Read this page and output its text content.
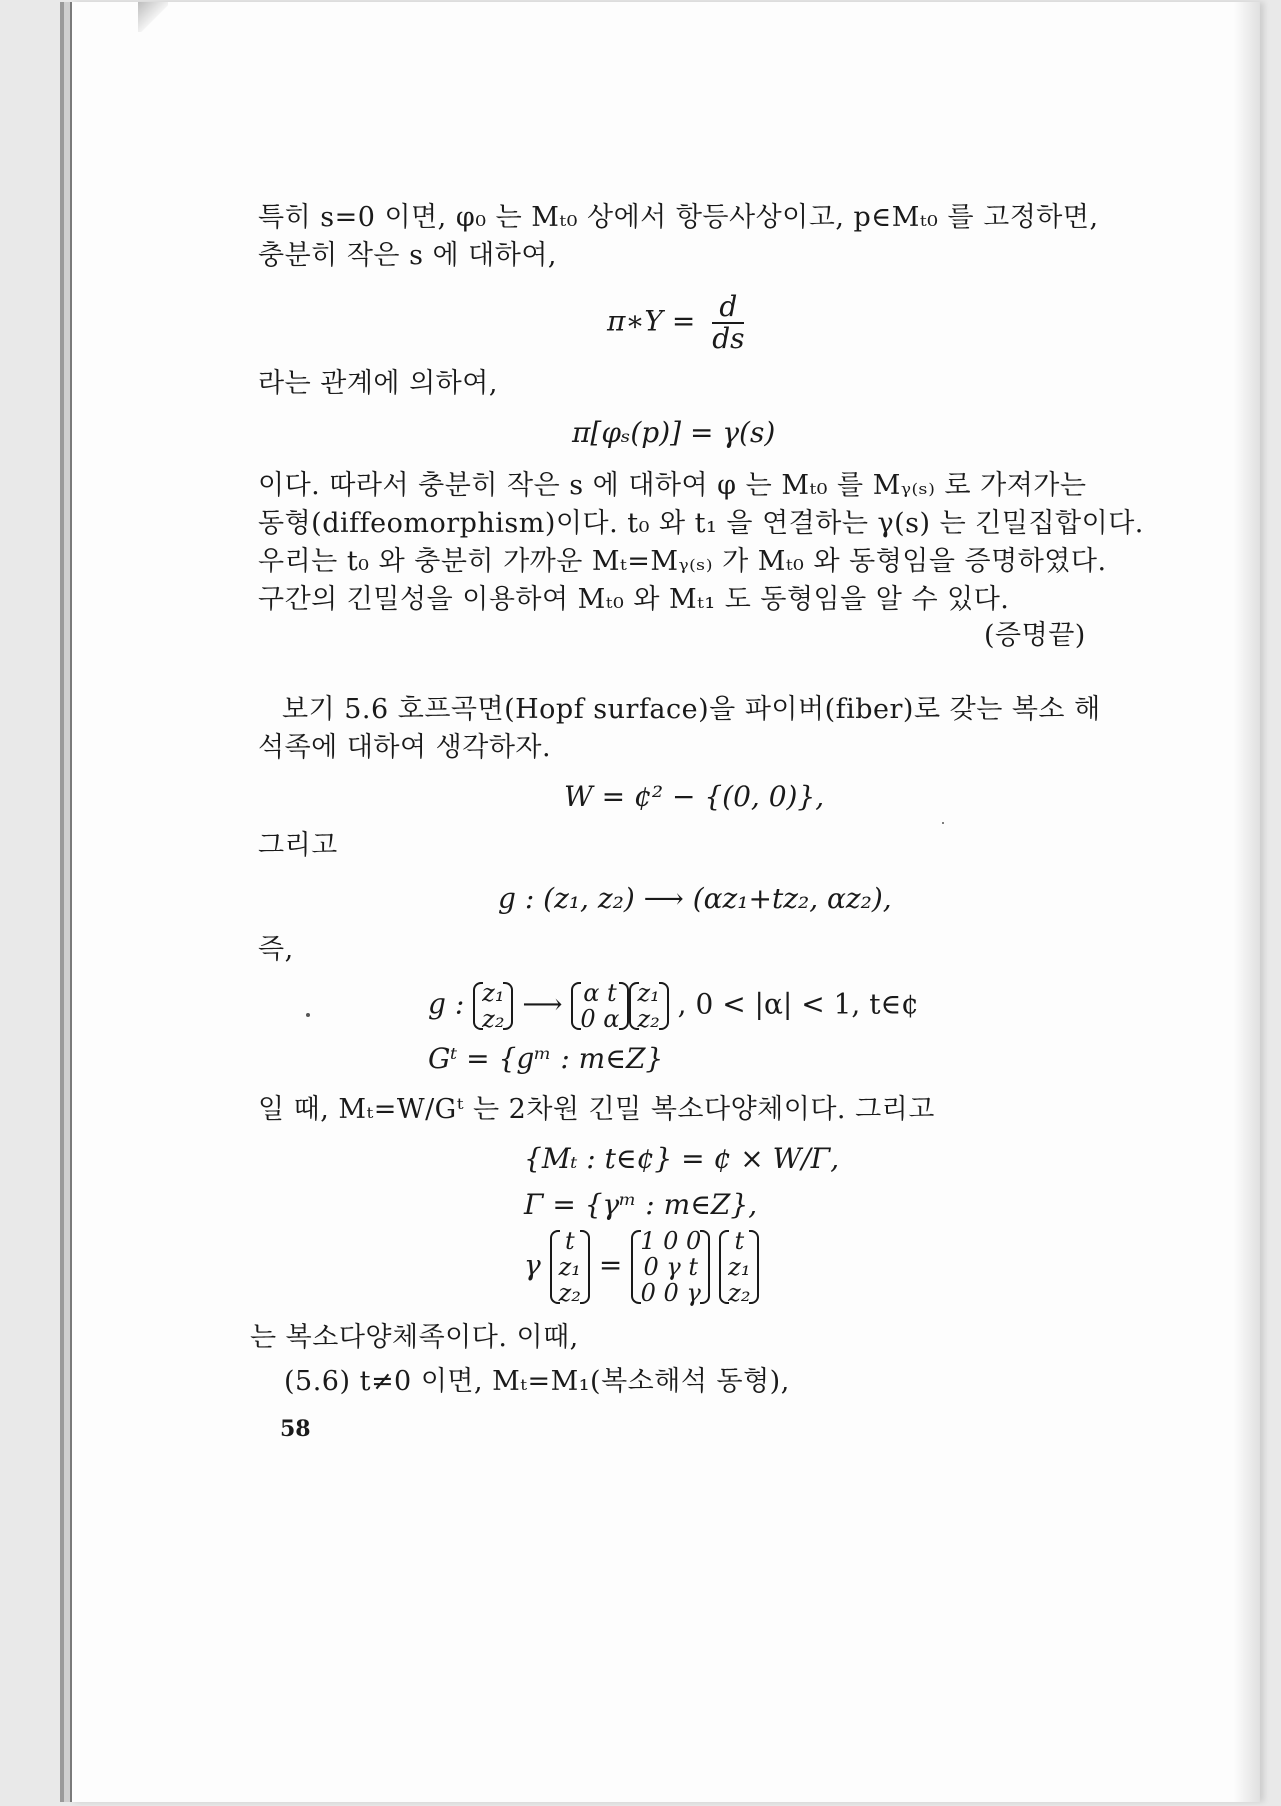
특히 s=0 이면, φ₀ 는 Mₜ₀ 상에서 항등사상이고, p∈Mₜ₀ 를 고정하면,
충분히 작은 s 에 대하여,
π∗Y = $\frac{d}{ds}$
라는 관계에 의하여,
π[φₛ(p)] = γ(s)
이다. 따라서 충분히 작은 s 에 대하여 φ 는 Mₜ₀ 를 Mᵧ₍ₛ₎ 로 가져가는
동형(diffeomorphism)이다. t₀ 와 t₁ 을 연결하는 γ(s) 는 긴밀집합이다.
우리는 t₀ 와 충분히 가까운 Mₜ=Mᵧ₍ₛ₎ 가 Mₜ₀ 와 동형임을 증명하였다.
구간의 긴밀성을 이용하여 Mₜ₀ 와 Mₜ₁ 도 동형임을 알 수 있다.
(증명끝)
보기 5.6 호프곡면(Hopf surface)을 파이버(fiber)로 갖는 복소 해
석족에 대하여 생각하자.
W = ¢² − {(0, 0)},
그리고
g : (z₁, z₂) ⟶ (αz₁+tz₂, αz₂),
즉,
g : z₁
z₂ ⟶ α t
0 α
z₁
z₂ , 0 < |α| < 1, t∈¢
Gᵗ = {gᵐ : m∈Z}
일 때, Mₜ=W/Gᵗ 는 2차원 긴밀 복소다양체이다. 그리고
{Mₜ : t∈¢} = ¢ × W/Γ,
Γ = {γᵐ : m∈Z},
γ
t
z₁
z₂
=
1 0 0
0 γ t
0 0 γ

t
z₁
z₂
는 복소다양체족이다. 이때,
(5.6) t≠0 이면, Mₜ=M₁(복소해석 동형),
58
